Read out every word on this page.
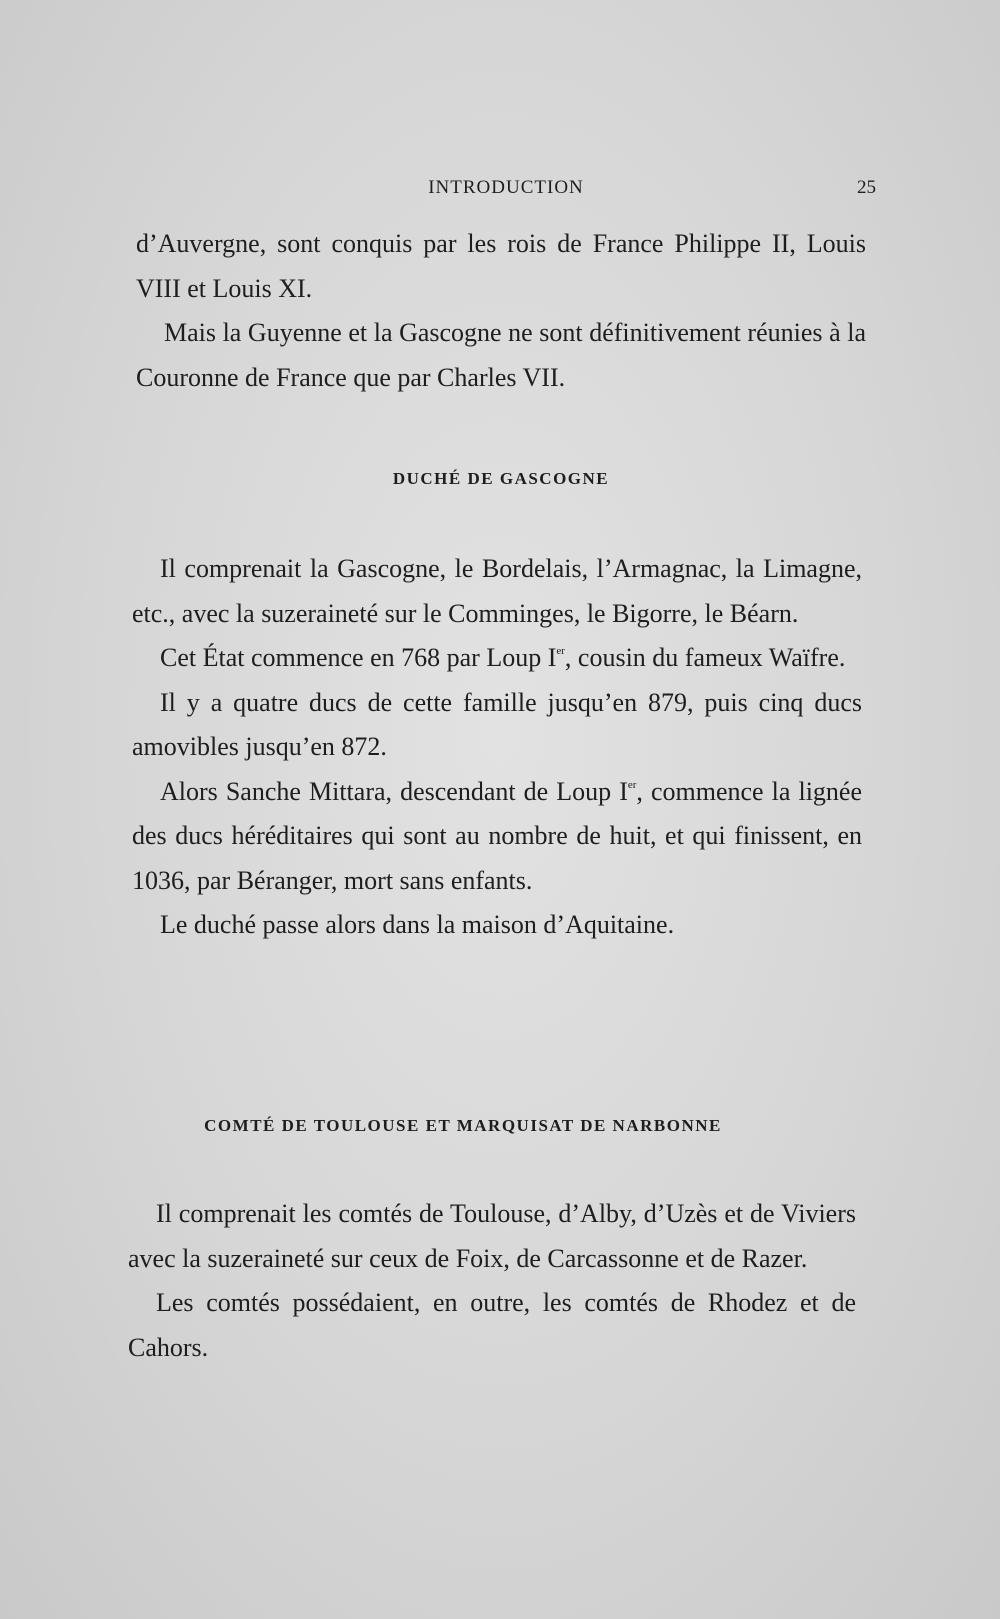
INTRODUCTION	25

d’Auvergne, sont conquis par les rois de France Philippe II, Louis VIII et Louis XI.

Mais la Guyenne et la Gascogne ne sont définitivement réunies à la Couronne de France que par Charles VII.

DUCHÉ DE GASCOGNE

Il comprenait la Gascogne, le Bordelais, l’Armagnac, la Limagne, etc., avec la suzeraineté sur le Comminges, le Bigorre, le Béarn.

Cet État commence en 768 par Loup Ier, cousin du fameux Waïfre.

Il y a quatre ducs de cette famille jusqu’en 879, puis cinq ducs amovibles jusqu’en 872.

Alors Sanche Mittara, descendant de Loup Ier, commence la lignée des ducs héréditaires qui sont au nombre de huit, et qui finissent, en 1036, par Béranger, mort sans enfants.

Le duché passe alors dans la maison d’Aquitaine.

COMTÉ DE TOULOUSE ET MARQUISAT DE NARBONNE

Il comprenait les comtés de Toulouse, d’Alby, d’Uzès et de Viviers avec la suzeraineté sur ceux de Foix, de Carcassonne et de Razer.

Les comtés possédaient, en outre, les comtés de Rhodez et de Cahors.
